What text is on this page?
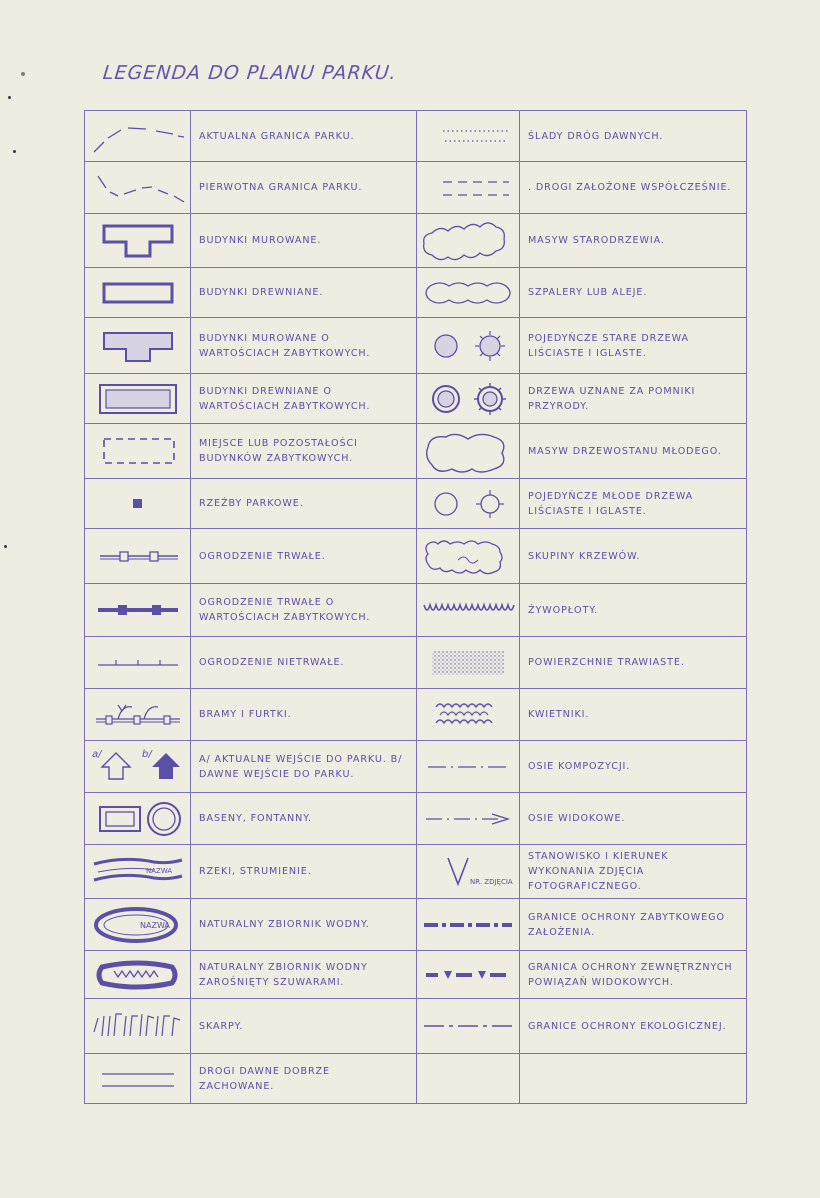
LEGENDA DO PLANU PARKU.
	AKTUALNA GRANICA PARKU.		ŚLADY DRÓG DAWNYCH.

	PIERWOTNA GRANICA PARKU.		. DROGI ZAŁOŻONE WSPÓŁCZEŚNIE.

	BUDYNKI MUROWANE.		MASYW STARODRZEWIA.

	BUDYNKI DREWNIANE.		SZPALERY LUB ALEJE.

	BUDYNKI MUROWANE O WARTOŚCIACH ZABYTKOWYCH.		POJEDYŃCZE STARE DRZEWA LIŚCIASTE I IGLASTE.

	BUDYNKI DREWNIANE O WARTOŚCIACH ZABYTKOWYCH.		DRZEWA UZNANE ZA POMNIKI PRZYRODY.

	MIEJSCE LUB POZOSTAŁOŚCI BUDYNKÓW ZABYTKOWYCH.		MASYW DRZEWOSTANU MŁODEGO.

	RZEŹBY PARKOWE.		POJEDYŃCZE MŁODE DRZEWA LIŚCIASTE I IGLASTE.

	OGRODZENIE TRWAŁE.		SKUPINY KRZEWÓW.

	OGRODZENIE TRWAŁE O WARTOŚCIACH ZABYTKOWYCH.		ŻYWOPŁOTY.

	OGRODZENIE NIETRWAŁE.		POWIERZCHNIE TRAWIASTE.

	BRAMY I FURTKI.		KWIETNIKI.

a/ b/	A/ AKTUALNE WEJŚCIE DO PARKU. B/ DAWNE WEJŚCIE DO PARKU.		OSIE KOMPOZYCJI.

	BASENY, FONTANNY.		OSIE WIDOKOWE.

NAZWA	RZEKI, STRUMIENIE.	NR. ZDJĘCIA	STANOWISKO I KIERUNEK WYKONANIA ZDJĘCIA FOTOGRAFICZNEGO.

NAZWA	NATURALNY ZBIORNIK WODNY.		GRANICE OCHRONY ZABYTKOWEGO ZAŁOŻENIA.

	NATURALNY ZBIORNIK WODNY ZAROŚNIĘTY SZUWARAMI.		GRANICA OCHRONY ZEWNĘTRZNYCH POWIĄZAŃ WIDOKOWYCH.

	SKARPY.		GRANICE OCHRONY EKOLOGICZNEJ.

	DROGI DAWNE DOBRZE ZACHOWANE.		
